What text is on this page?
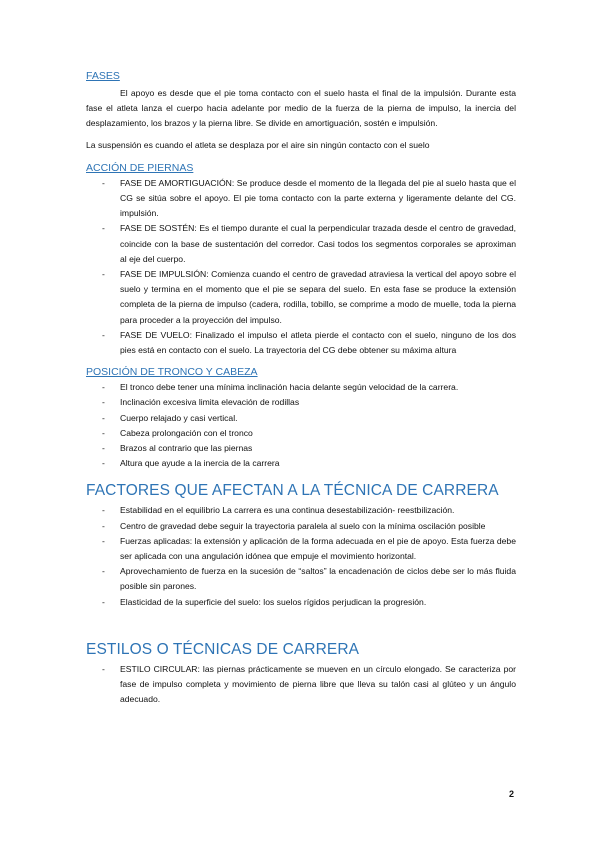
FASES

El apoyo es desde que el pie toma contacto con el suelo hasta el final de la impulsión. Durante esta fase el atleta lanza el cuerpo hacia adelante por medio de la fuerza de la pierna de impulso, la inercia del desplazamiento, los brazos y la pierna libre. Se divide en amortiguación, sostén e impulsión.

La suspensión es cuando el atleta se desplaza por el aire sin ningún contacto con el suelo

ACCIÓN DE PIERNAS

-	FASE DE AMORTIGUACIÓN: Se produce desde el momento de la llegada del pie al suelo hasta que el CG se sitúa sobre el apoyo. El pie toma contacto con la parte externa y ligeramente delante del CG. impulsión.
-	FASE DE SOSTÉN: Es el tiempo durante el cual la perpendicular trazada desde el centro de gravedad, coincide con la base de sustentación del corredor. Casi todos los segmentos corporales se aproximan al eje del cuerpo.
-	FASE DE IMPULSIÓN: Comienza cuando el centro de gravedad atraviesa la vertical del apoyo sobre el suelo y termina en el momento que el pie se separa del suelo. En esta fase se produce la extensión completa de la pierna de impulso (cadera, rodilla, tobillo, se comprime a modo de muelle, toda la pierna para proceder a la proyección del impulso.
-	FASE DE VUELO: Finalizado el impulso el atleta pierde el contacto con el suelo, ninguno de los dos pies está en contacto con el suelo. La trayectoria del CG debe obtener su máxima altura

POSICIÓN DE TRONCO Y CABEZA

-	El tronco debe tener una mínima inclinación hacia delante según velocidad de la carrera.
-	Inclinación excesiva limita elevación de rodillas
-	Cuerpo relajado y casi vertical.
-	Cabeza prolongación con el tronco
-	Brazos al contrario que las piernas
-	Altura que ayude a la inercia de la carrera

FACTORES QUE AFECTAN A LA TÉCNICA DE CARRERA

-	Estabilidad en el equilibrio La carrera es una continua desestabilización- reestbilización.
-	Centro de gravedad debe seguir la trayectoria paralela al suelo con la mínima oscilación posible
-	Fuerzas aplicadas: la extensión y aplicación de la forma adecuada en el pie de apoyo. Esta fuerza debe ser aplicada con una angulación idónea que empuje el movimiento horizontal.
-	Aprovechamiento de fuerza en la sucesión de “saltos” la encadenación de ciclos debe ser lo más fluida posible sin parones.
-	Elasticidad de la superficie del suelo: los suelos rígidos perjudican la progresión.

ESTILOS O TÉCNICAS DE CARRERA

-	ESTILO CIRCULAR: las piernas prácticamente se mueven en un círculo elongado. Se caracteriza por fase de impulso completa y movimiento de pierna libre que lleva su talón casi al glúteo y un ángulo adecuado.
2
